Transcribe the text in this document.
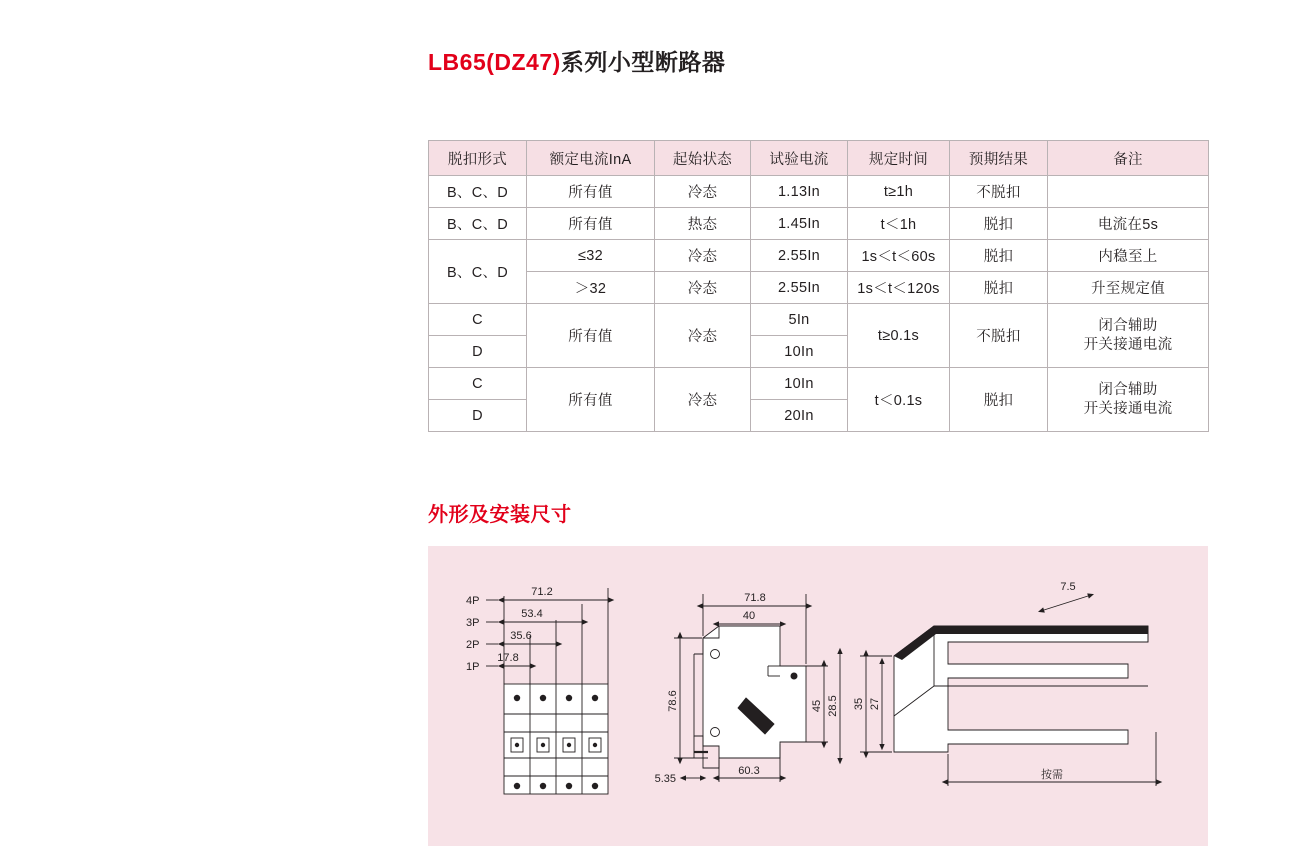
LB65(DZ47)系列小型断路器
脱扣形式	额定电流InA	起始状态	试验电流	规定时间	预期结果	备注
B、C、D	所有值	冷态	1.13In	t≥1h	不脱扣	
B、C、D	所有值	热态	1.45In	t＜1h	脱扣	电流在5s
B、C、D	≤32	冷态	2.55In	1s＜t＜60s	脱扣	内稳至上
	＞32	冷态	2.55In	1s＜t＜120s	脱扣	升至规定值
C	所有值	冷态	5In	t≥0.1s	不脱扣	闭合辅助
开关接通电流

D			10In			
C	所有值	冷态	10In	t＜0.1s	脱扣	闭合辅助
开关接通电流

D			20In			
外形及安装尺寸
4P
3P
2P
1P
71.2
53.4
35.6
17.8
71.8
40
78.6	45 28.5
5.35
60.3
7.5
35 27
按需
